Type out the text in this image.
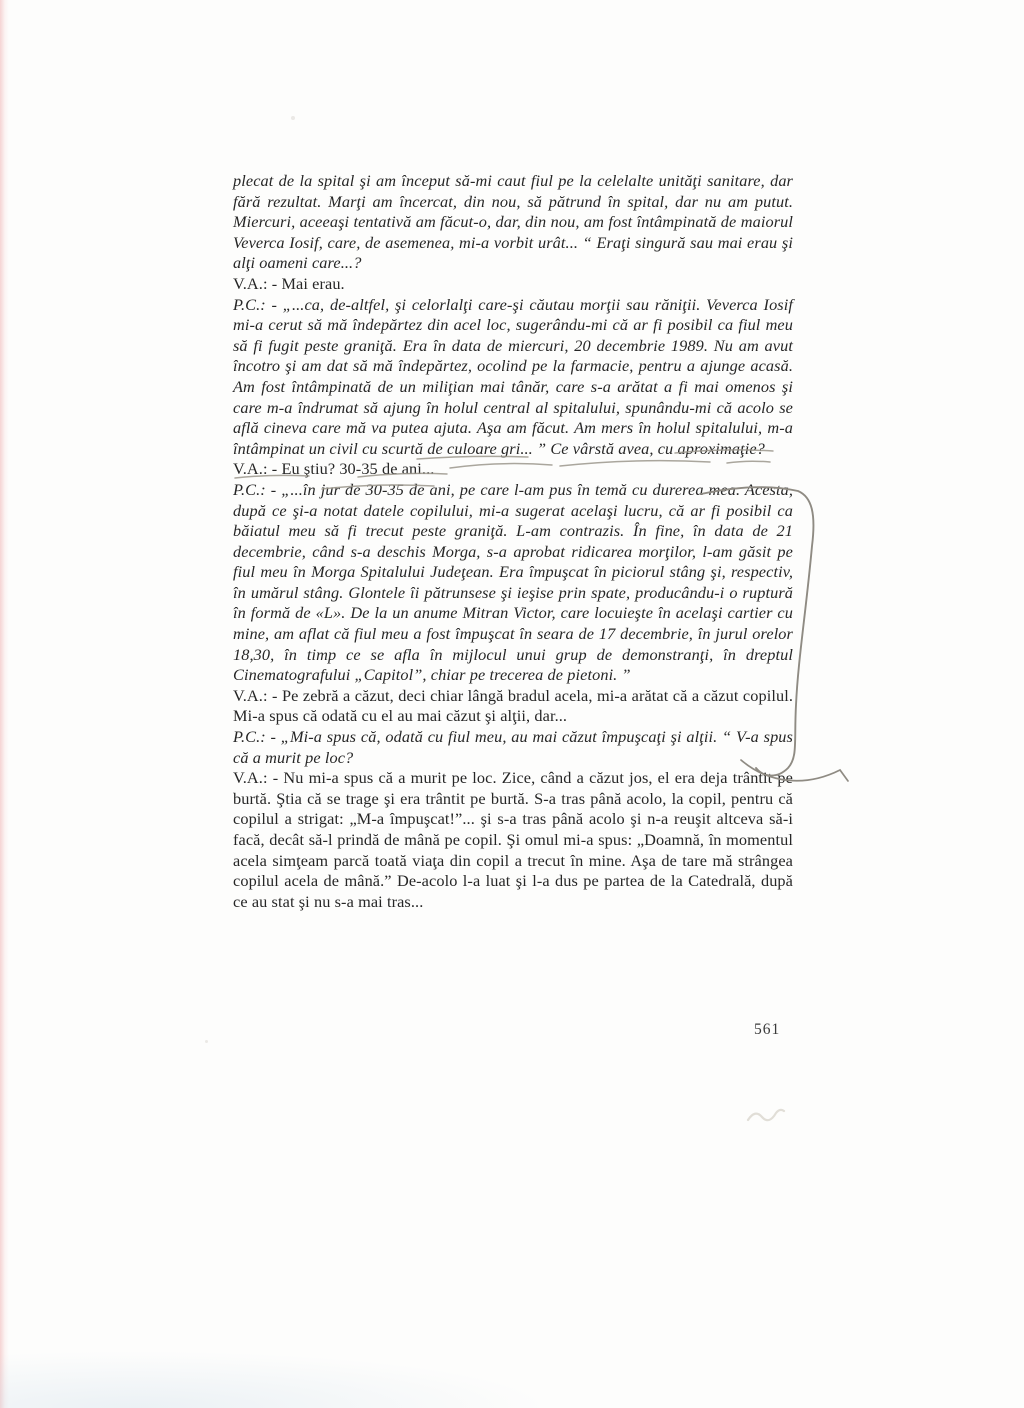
plecat de la spital şi am început să-mi caut fiul pe la celelalte unităţi sanitare, dar fără rezultat. Marţi am încercat, din nou, să pătrund în spital, dar nu am putut. Miercuri, aceeaşi tentativă am făcut-o, dar, din nou, am fost întâmpinată de maiorul Veverca Iosif, care, de asemenea, mi-a vorbit urât... “ Eraţi singură sau mai erau şi alţi oameni care...?

V.A.: - Mai erau.

P.C.: - „...ca, de-altfel, şi celorlalţi care-şi căutau morţii sau răniţii. Veverca Iosif mi-a cerut să mă îndepărtez din acel loc, sugerându-mi că ar fi posibil ca fiul meu să fi fugit peste graniţă. Era în data de miercuri, 20 decembrie 1989. Nu am avut încotro şi am dat să mă îndepărtez, ocolind pe la farmacie, pentru a ajunge acasă. Am fost întâmpinată de un miliţian mai tânăr, care s-a arătat a fi mai omenos şi care m-a îndrumat să ajung în holul central al spitalului, spunându-mi că acolo se află cineva care mă va putea ajuta. Aşa am făcut. Am mers în holul spitalului, m-a întâmpinat un civil cu scurtă de culoare gri... ” Ce vârstă avea, cu aproximaţie?

V.A.: - Eu ştiu? 30-35 de ani...

P.C.: - „...în jur de 30-35 de ani, pe care l-am pus în temă cu durerea mea. Acesta, după ce şi-a notat datele copilului, mi-a sugerat acelaşi lucru, că ar fi posibil ca băiatul meu să fi trecut peste graniţă. L-am contrazis. În fine, în data de 21 decembrie, când s-a deschis Morga, s-a aprobat ridicarea morţilor, l-am găsit pe fiul meu în Morga Spitalului Judeţean. Era împuşcat în piciorul stâng şi, respectiv, în umărul stâng. Glontele îi pătrunsese şi ieşise prin spate, producându-i o ruptură în formă de «L». De la un anume Mitran Victor, care locuieşte în acelaşi cartier cu mine, am aflat că fiul meu a fost împuşcat în seara de 17 decembrie, în jurul orelor 18,30, în timp ce se afla în mijlocul unui grup de demonstranţi, în dreptul Cinematografului „Capitol”, chiar pe trecerea de pietoni. ”

V.A.: - Pe zebră a căzut, deci chiar lângă bradul acela, mi-a arătat că a căzut copilul. Mi-a spus că odată cu el au mai căzut şi alţii, dar...

P.C.: - „Mi-a spus că, odată cu fiul meu, au mai căzut împuşcaţi şi alţii. “ V-a spus că a murit pe loc?

V.A.: - Nu mi-a spus că a murit pe loc. Zice, când a căzut jos, el era deja trântit pe burtă. Ştia că se trage şi era trântit pe burtă. S-a tras până acolo, la copil, pentru că copilul a strigat: „M-a împuşcat!”... şi s-a tras până acolo şi n-a reuşit altceva să-i facă, decât să-l prindă de mână pe copil. Şi omul mi-a spus: „Doamnă, în momentul acela simţeam parcă toată viaţa din copil a trecut în mine. Aşa de tare mă strângea copilul acela de mână.” De-acolo l-a luat şi l-a dus pe partea de la Catedrală, după ce au stat şi nu s-a mai tras...

561
